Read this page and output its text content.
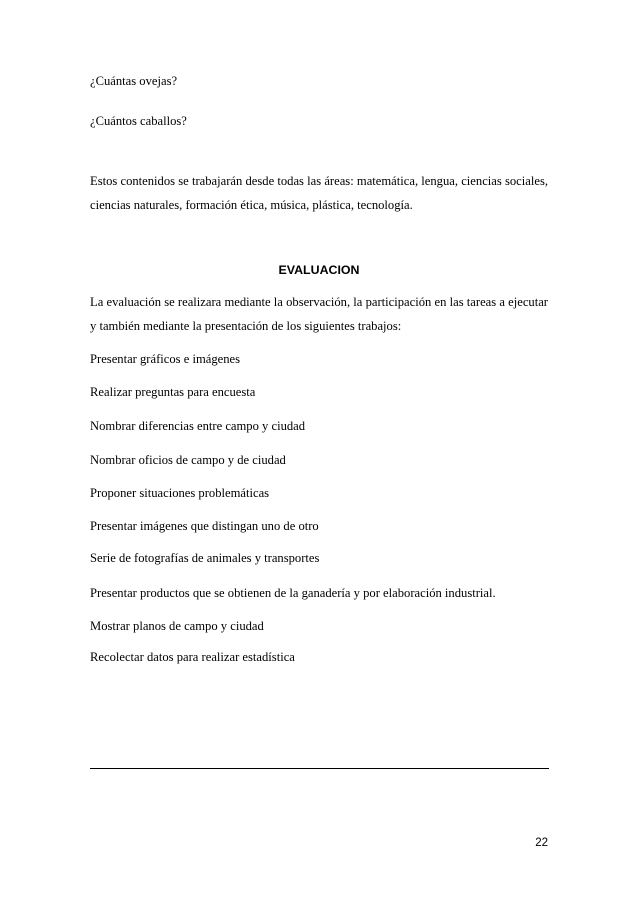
¿Cuántas ovejas?
¿Cuántos caballos?
Estos contenidos se trabajarán desde todas las áreas: matemática, lengua, ciencias sociales, ciencias naturales, formación ética, música, plástica, tecnología.
EVALUACION
La evaluación se realizara mediante la observación, la participación en las tareas a ejecutar y también mediante la presentación de los siguientes trabajos:
Presentar gráficos e imágenes
Realizar preguntas para encuesta
Nombrar diferencias entre campo y ciudad
Nombrar oficios de campo y de ciudad
Proponer situaciones problemáticas
Presentar imágenes que distingan uno de otro
Serie de fotografías de animales y transportes
Presentar productos que se obtienen de la ganadería y por elaboración industrial.
Mostrar planos de campo y ciudad
Recolectar datos para realizar estadística
22
